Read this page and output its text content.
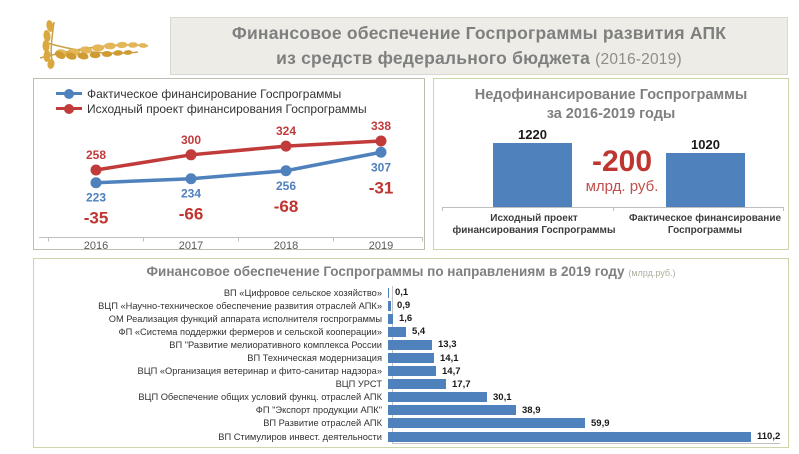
Финансовое обеспечение Госпрограммы развития АПК
из средств федерального бюджета (2016-2019)
Фактическое финансирование Госпрограммы
Исходный проект финансирования Госпрограммы
258
300
324	338
223	234
256
307
-35	-66	-68
-31
2016	2017	2018	2019
Недофинансирование Госпрограммы
за 2016-2019 годы
1220
1020
-200
млрд. руб.
Исходный проект финансирования Госпрограммы
Фактическое финансирование Госпрограммы
Финансовое обеспечение Госпрограммы по направлениям в 2019 году (млрд.руб.)
ВП «Цифровое сельское хозяйство»	0,1
ВЦП «Научно-техническое обеспечение развития отраслей АПК»	0,9
ОМ Реализация функций аппарата исполнителя госпрограммы	1,6
ФП «Система поддержки фермеров и сельской кооперации»	5,4
ВП "Развитие мелиоративного комплекса России	13,3
ВП Техническая модернизация	14,1
ВЦП «Организация ветеринар и фито-санитар надзора»	14,7
ВЦП УРСТ	17,7
ВЦП Обеспечение общих условий функц. отраслей АПК	30,1
ФП "Экспорт продукции АПК"	38,9
ВП Развитие отраслей АПК	59,9
ВП Стимулиров инвест. деятельности	110,2
